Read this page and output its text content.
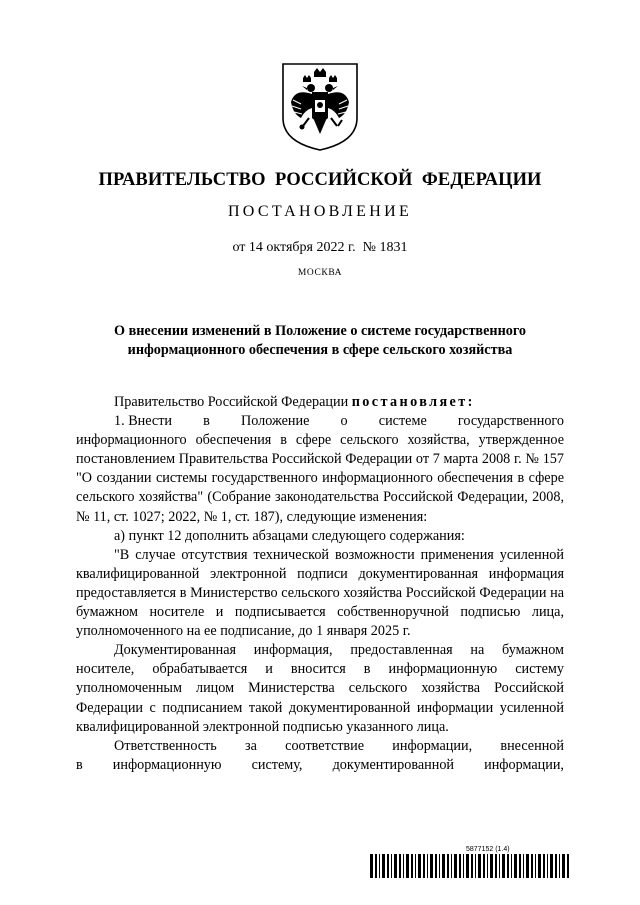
ПРАВИТЕЛЬСТВО  РОССИЙСКОЙ  ФЕДЕРАЦИИ
ПОСТАНОВЛЕНИЕ
от 14 октября 2022 г.  № 1831
МОСКВА
О внесении изменений в Положение о системе государственного информационного обеспечения в сфере сельского хозяйства

Правительство Российской Федерации постановляет:

1. Внести в Положение о системе государственного

информационного обеспечения в сфере сельского хозяйства, утвержденное постановлением Правительства Российской Федерации от 7 марта 2008 г. № 157 "О создании системы государственного информационного обеспечения в сфере сельского хозяйства" (Собрание законодательства Российской Федерации, 2008, № 11, ст. 1027; 2022, № 1, ст. 187), следующие изменения:

а) пункт 12 дополнить абзацами следующего содержания:

"В случае отсутствия технической возможности применения усиленной квалифицированной электронной подписи документированная информация предоставляется в Министерство сельского хозяйства Российской Федерации на бумажном носителе и подписывается собственноручной подписью лица, уполномоченного на ее подписание, до 1 января 2025 г.

Документированная информация, предоставленная на бумажном носителе, обрабатывается и вносится в информационную систему уполномоченным лицом Министерства сельского хозяйства Российской Федерации с подписанием такой документированной информации усиленной квалифицированной электронной подписью указанного лица.

Ответственность за соответствие информации, внесенной
в информационную систему, документированной информации,
5877152 (1.4)
